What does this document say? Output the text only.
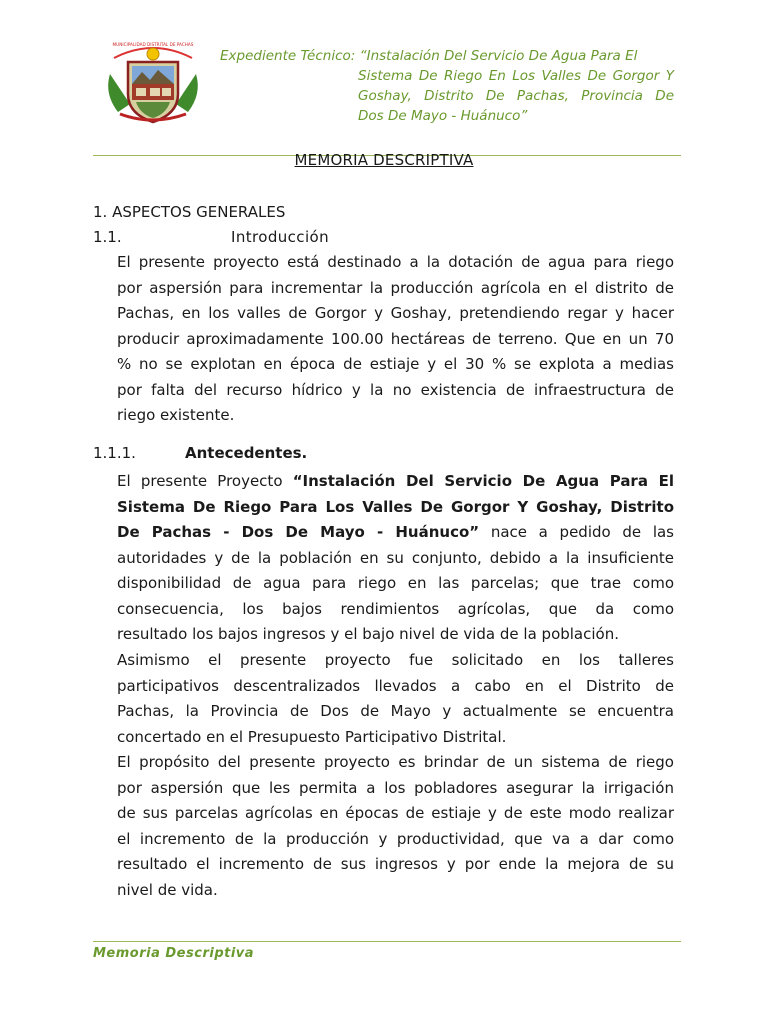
MUNICIPALIDAD DISTRITAL DE PACHAS
Expediente Técnico: “Instalación Del Servicio De Agua Para El
Sistema De Riego En Los Valles De Gorgor Y
Goshay, Distrito De Pachas, Provincia De
Dos De Mayo - Huánuco”
MEMORIA DESCRIPTIVA
1. ASPECTOS GENERALES
1.1.	Introducción
El presente proyecto está destinado a la dotación de agua para riego
por aspersión para incrementar la producción agrícola en el distrito de
Pachas, en los valles de Gorgor y Goshay, pretendiendo regar y hacer
producir aproximadamente 100.00 hectáreas de terreno. Que en un 70
% no se explotan en época de estiaje y el 30 % se explota a medias
por falta del recurso hídrico y la no existencia de infraestructura de
riego existente.
1.1.1.	Antecedentes.
El presente Proyecto “Instalación Del Servicio De Agua Para El
Sistema De Riego Para Los Valles De Gorgor Y Goshay, Distrito
De Pachas - Dos De Mayo - Huánuco” nace a pedido de las
autoridades y de la población en su conjunto, debido a la insuficiente
disponibilidad de agua para riego en las parcelas; que trae como
consecuencia, los bajos rendimientos agrícolas, que da como
resultado los bajos ingresos y el bajo nivel de vida de la población.
Asimismo el presente proyecto fue solicitado en los talleres
participativos descentralizados llevados a cabo en el Distrito de
Pachas, la Provincia de Dos de Mayo y actualmente se encuentra
concertado en el Presupuesto Participativo Distrital.
El propósito del presente proyecto es brindar de un sistema de riego
por aspersión que les permita a los pobladores asegurar la irrigación
de sus parcelas agrícolas en épocas de estiaje y de este modo realizar
el incremento de la producción y productividad, que va a dar como
resultado el incremento de sus ingresos y por ende la mejora de su
nivel de vida.
Memoria Descriptiva
